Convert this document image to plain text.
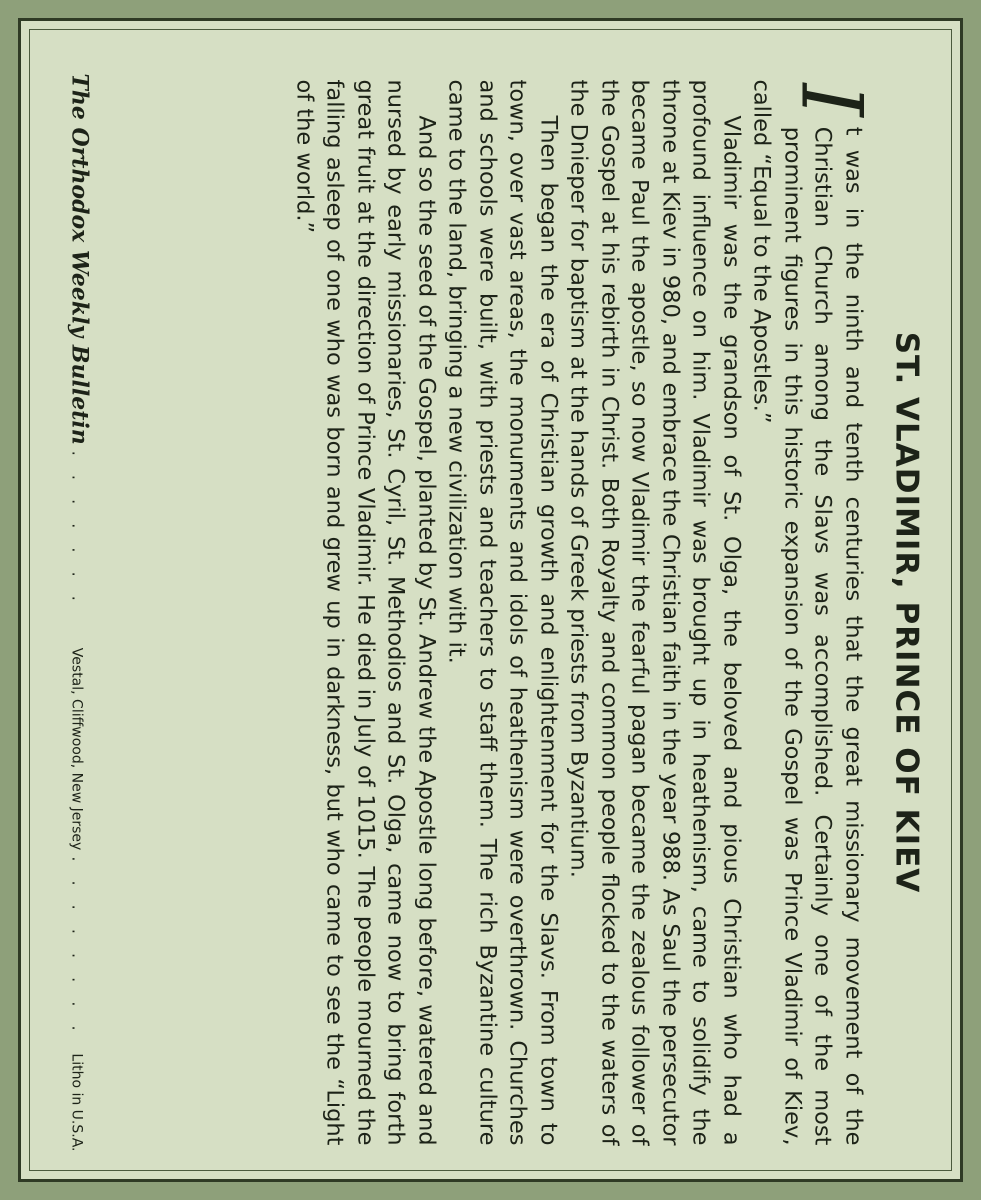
ST. VLADIMIR, PRINCE OF KIEV

I
t was in the ninth and tenth centuries that the great missionary movement of the Christian Church among the Slavs was accomplished. Certainly one of the most prominent figures in this historic expansion of the Gospel was Prince Vladimir of Kiev, called “Equal to the Apostles.”

Vladimir was the grandson of St. Olga, the beloved and pious Christian who had a profound influence on him. Vladimir was brought up in heathenism, came to solidify the throne at Kiev in 980, and embrace the Christian faith in the year 988. As Saul the persecutor became Paul the apostle, so now Vladimir the fearful pagan became the zealous follower of the Gospel at his rebirth in Christ. Both Royalty and common people flocked to the waters of the Dnieper for baptism at the hands of Greek priests from Byzantium.

Then began the era of Christian growth and enlightenment for the Slavs. From town to town, over vast areas, the monuments and idols of heathenism were overthrown. Churches and schools were built, with priests and teachers to staff them. The rich Byzantine culture came to the land, bringing a new civilization with it.

And so the seed of the Gospel, planted by St. Andrew the Apostle long before, watered and nursed by early missionaries, St. Cyril, St. Methodios and St. Olga, came now to bring forth great fruit at the direction of Prince Vladimir. He died in July of 1015. The people mourned the falling asleep of one who was born and grew up in darkness, but who came to see the “Light of the world.”

The Orthodox Weekly Bulletin
. . . . . . .
Vestal, Cliffwood, New Jersey
. . . . . . . .
Litho in U.S.A.
